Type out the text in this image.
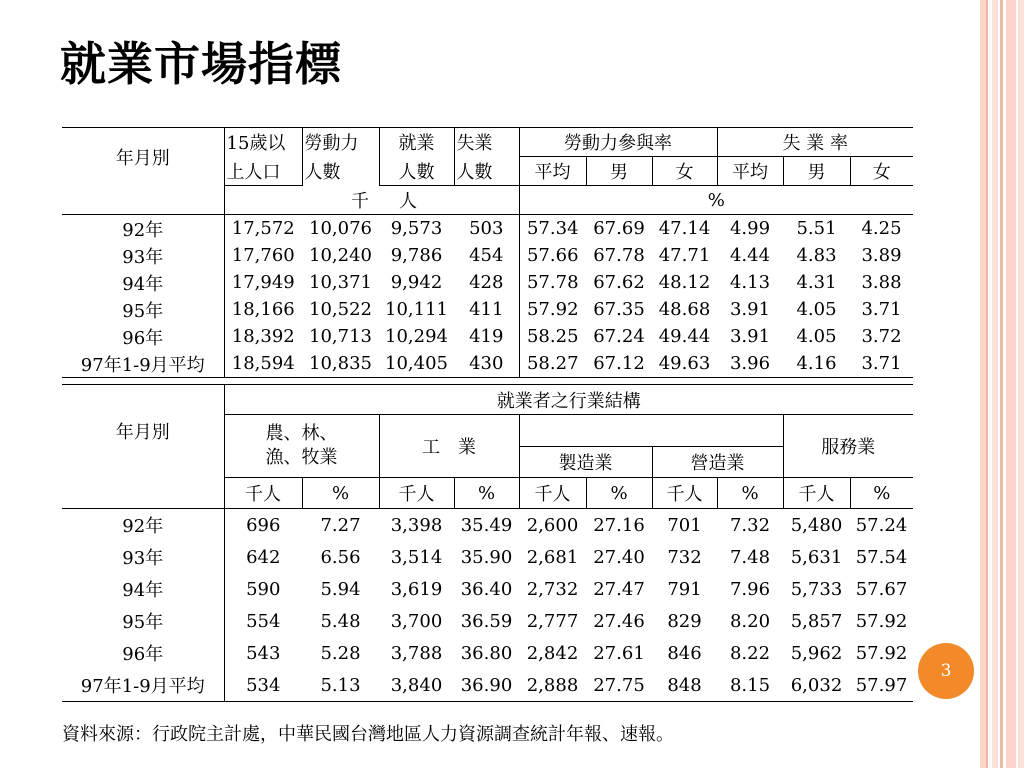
就業市場指標
年月別	15歲以	勞動力	就業	失業	勞動力參與率			失 業 率		
	上人口	人數	人數	人數	平均	男	女	平均	男	女
	千		人		%					
92年	17,572	10,076	9,573	503	57.34	67.69	47.14	4.99	5.51	4.25
93年	17,760	10,240	9,786	454	57.66	67.78	47.71	4.44	4.83	3.89
94年	17,949	10,371	9,942	428	57.78	67.62	48.12	4.13	4.31	3.88
95年	18,166	10,522	10,111	411	57.92	67.35	48.68	3.91	4.05	3.71
96年	18,392	10,713	10,294	419	58.25	67.24	49.44	3.91	4.05	3.72
97年1-9月平均	18,594	10,835	10,405	430	58.27	67.12	49.63	3.96	4.16	3.71
年月別	就業者之行業結構									
	農、林、
漁、牧業		工　業						服務業	
					製造業		營造業			
	千人	%	千人	%	千人	%	千人	%	千人	%
92年	696	7.27	3,398	35.49	2,600	27.16	701	7.32	5,480	57.24
93年	642	6.56	3,514	35.90	2,681	27.40	732	7.48	5,631	57.54
94年	590	5.94	3,619	36.40	2,732	27.47	791	7.96	5,733	57.67
95年	554	5.48	3,700	36.59	2,777	27.46	829	8.20	5,857	57.92
96年	543	5.28	3,788	36.80	2,842	27.61	846	8.22	5,962	57.92
97年1-9月平均	534	5.13	3,840	36.90	2,888	27.75	848	8.15	6,032	57.97
3
資料來源：行政院主計處，中華民國台灣地區人力資源調查統計年報、速報。
